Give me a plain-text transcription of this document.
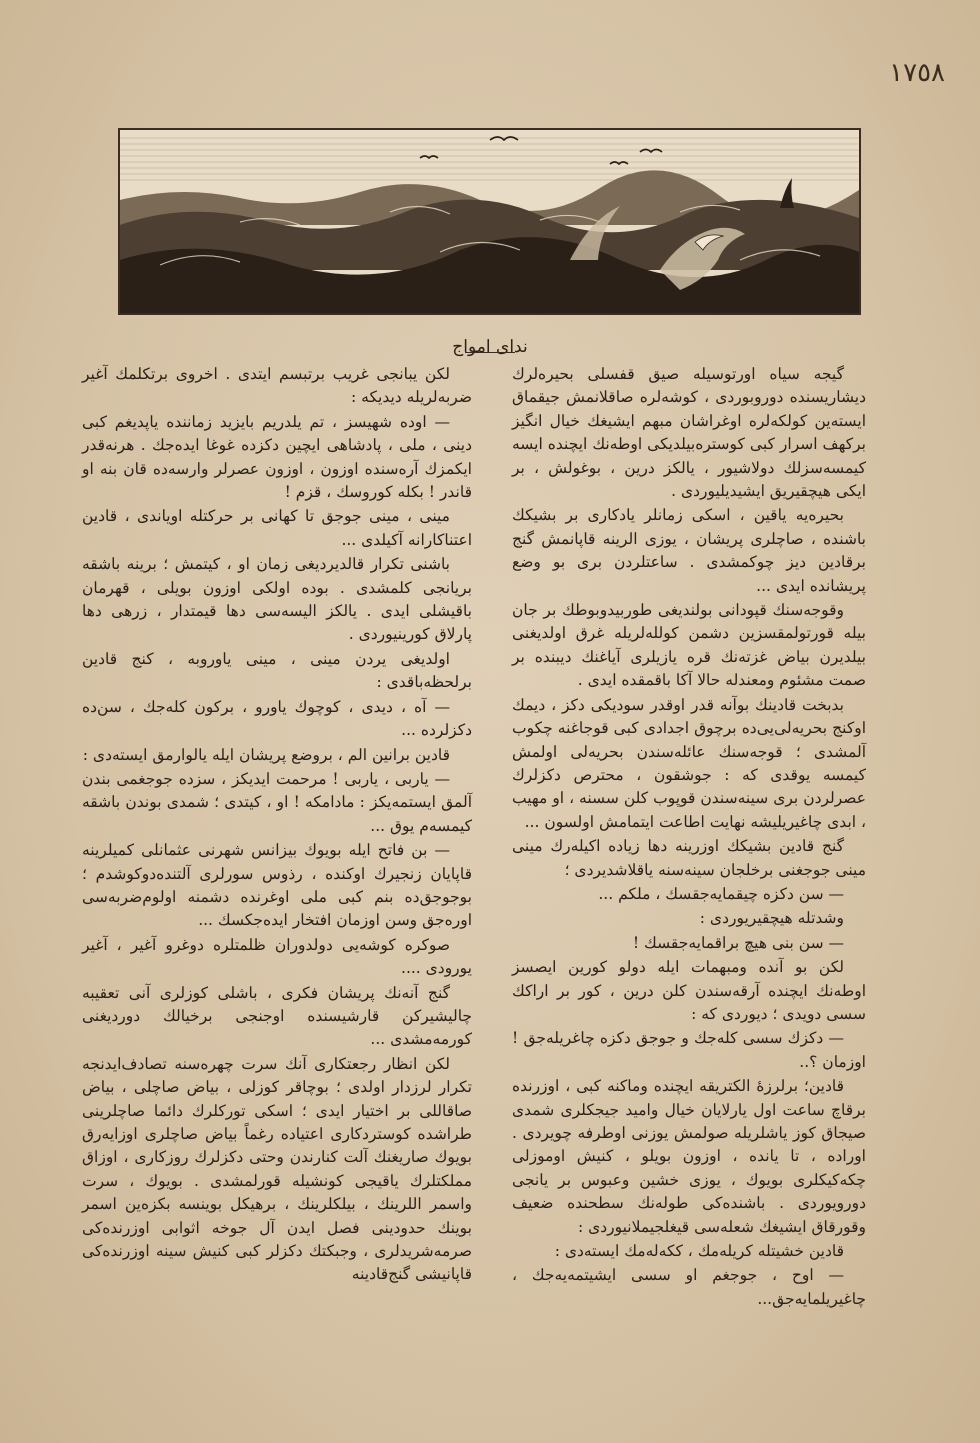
١٧٥٨
ندای امواج

گیجه سیاه اورتوسیله صیق قفسلی بحیره‌لرك دیشاریسنده دوروبوردی ، کوشه‌لره صاقلانمش جیقماق ایسته‌ین کولکه‌لره اوغراشان مبهم ایشیغك خیال انگیز برکهف اسرار کبی کوستره‌بیلدیکی اوطه‌نك ایچنده ایسه کیمسه‌سزلك دولاشیور ، یالکز درین ، بوغولش ، بر ایکی هیچقیریق ایشیدیلیوردی .

بحیره‌یه یاقین ، اسکی زمانلر یادکاری بر بشیکك باشنده ، صاچلری پریشان ، یوزی الرینه قاپانمش گنج برقادین دیز چوکمشدی . ساعتلردن بری بو وضع پریشانده ایدی ...

وقوجه‌سنك قپودانی بولندیغی طوربیدوبوطك بر جان بیله قورتولمقسزین دشمن کولله‌لریله غرق اولدیغنی بیلدیرن بیاض غزته‌نك قره یازیلری آیاغنك دیبنده بر صمت مشئوم ومعندله حالا آکا باقمقده ایدی .

بدبخت قادینك بوآنه قدر اوقدر سودیکی دکز ، دیمك اوکنج بحریه‌لی‌یی‌ده برچوق اجدادی کبی قوجاغنه چکوب آلمشدی ؛ قوجه‌سنك عائله‌سندن بحریه‌لی اولمش کیمسه یوقدی که : جوشقون ، محترص دکزلرك عصرلردن بری سینه‌سندن قوپوب کلن سسنه ، او مهیب ، ابدی چاغیریلیشه نهایت اطاعت ایتمامش اولسون ...

گنج قادین بشیکك اوزرینه دها زیاده اکیله‌رك مینی مینی جوجغنی برخلجان سینه‌سنه یاقلاشدیردی ؛

— سن دکزه چیقمایه‌جقسك ، ملکم ...

وشدتله هیچقیریوردی :

— سن بنی هیچ براقمایه‌جقسك !

لکن بو آنده ومبهمات ایله دولو کورین ایصسز اوطه‌نك ایچنده آرقه‌سندن کلن درین ، کور بر اراکك سسی دویدی ؛ دیوردی که :

— دکزك سسی کله‌جك و جوجق دکزه چاغریله‌جق ! اوزمان ؟..

قادین؛ برلرزهٔ الکتریقه ایچنده وماکنه کبی ، اوزرنده برقاچ ساعت اول یارلایان خیال وامید جیجکلری شمدی صیجاق کوز یاشلریله صولمش یوزنی اوطرفه چویردی . اوراده ، تا یانده ، اوزون بویلو ، کنیش اوموزلی چکه‌کیکلری بویوك ، یوزی خشین وعبوس بر یانجی دورویوردی . باشنده‌کی طوله‌نك سطحنده ضعیف وقورقاق ایشیغك شعله‌سی قیغلجیملانیوردی :

قادین خشیتله کریله‌مك ، ککه‌له‌مك ایسته‌دی :

— اوح ، جوجغم او سسی ایشیتمه‌یه‌جك ، چاغیریلمایه‌جق...

لکن یبانجی غریب برتبسم ایتدی . اخروی برتکلمك آغیر ضربه‌لریله دیدیکه :

— اوده شهیسز ، تم یلدریم بایزید زماننده یاپدیغم کبی دینی ، ملی ، پادشاهی ایچین دکزده غوغا ایده‌جك . هرنه‌قدر ایکمزك آره‌سنده اوزون ، اوزون عصرلر وارسه‌ده قان بنه او قاندر ! بکله کوروسك ، قزم !

مینی ، مینی جوجق تا کهانی بر حرکتله اویاندی ، قادین اعتناکارانه آکیلدی ...

باشنی تکرار قالدیردیغی زمان او ، کیتمش ؛ برینه باشقه بریانجی کلمشدی . بوده اولکی اوزون بویلی ، قهرمان باقیشلی ایدی . یالکز الیسه‌سی دها قیمتدار ، زرهی دها پارلاق کورینیوردی .

اولدیغی یردن مینی ، مینی یاوروبه ، کنج قادین برلحظه‌باقدی :

— آه ، دیدی ، کوچوك یاورو ، برکون کله‌جك ، سن‌ده دکزلرده ...

قادین برانین الم ، بروضع پریشان ایله یالوارمق ایسته‌دی :

— یاربی ، یاربی ! مرحمت ایدیکز ، سزده جوجغمی بندن آلمق ایستمه‌یکز : مادامکه ! او ، کیتدی ؛ شمدی بوندن باشقه کیمسه‌م یوق ...

— بن فاتح ایله بویوك بیزانس شهرنی عثمانلی کمیلرینه قاپایان زنجیرك اوکنده ، رذوس سورلری آلتنده‌دوکوشدم ؛ بوجوجق‌ده بنم کبی ملی اوغرنده دشمنه اولوم‌ضربه‌سی اوره‌جق وسن اوزمان افتخار ایده‌جکسك ...

صوکره کوشه‌یی دولدوران ظلمتلره دوغرو آغیر ، آغیر یورودی ....

گنج آنه‌نك پریشان فکری ، باشلی کوزلری آنی تعقیبه چالیشیرکن قارشیسنده اوجنجی برخیالك دوردیغنی کورمه‌مشدی ...

لکن انظار رجعتکاری آنك سرت چهره‌سنه تصادف‌ایدنجه تکرار لرزدار اولدی ؛ بوچاقر کوزلی ، بیاض صاچلی ، بیاض صاقاللی بر اختیار ایدی ؛ اسکی تورکلرك دائما صاچلرینی طراشده کوستردکاری اعتیاده رغماً بیاض صاچلری اوزایه‌رق بویوك صاریغنك آلت کنارندن وحتی دکزلرك روزکاری ، اوزاق مملکتلرك یاقیجی کونشیله قورلمشدی . بویوك ، سرت واسمر اللرینك ، بیلکلرینك ، برهیکل بوینسه بکزه‌ین اسمر بوینك حدودینی فصل ایدن آل جوخه اثوابی اوزرنده‌کی صرمه‌شریدلری ، وجبکتك دکزلر کبی کنیش سینه اوزرنده‌کی قاپانیشی گنج‌قادینه
